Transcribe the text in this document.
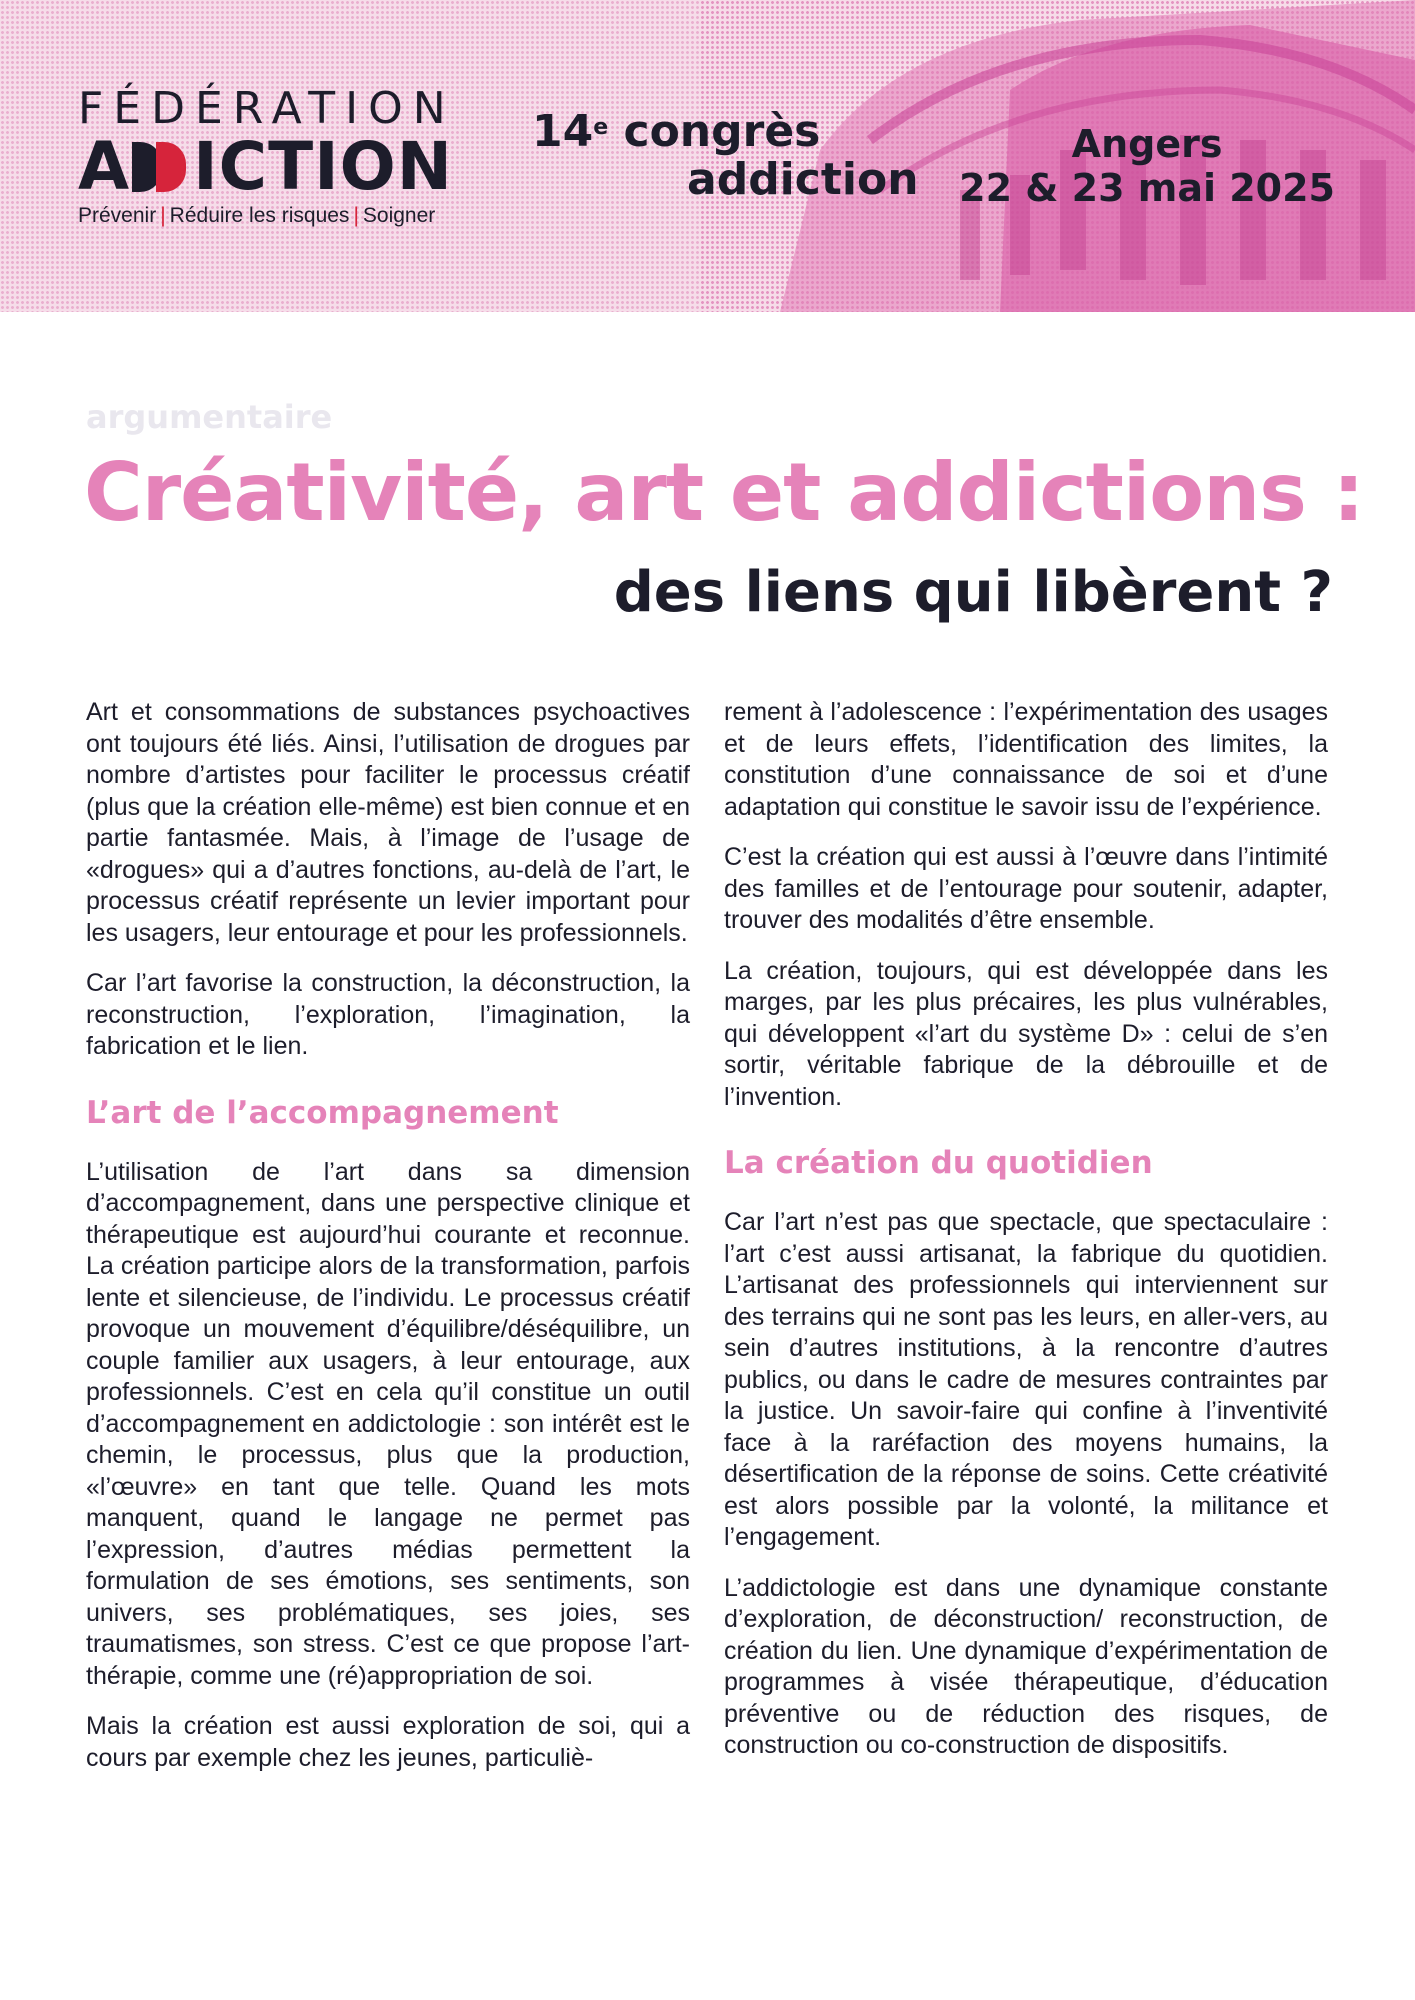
FÉDÉRATION
A ICTION
Prévenir | Réduire les risques | Soigner
14e congrès
addiction
Angers
22 & 23 mai 2025
argumentaire
Créativité, art et addictions :
des liens qui libèrent ?

Art et consommations de substances psychoactives ont toujours été liés. Ainsi, l’utilisation de drogues par nombre d’artistes pour faciliter le processus créatif (plus que la création elle-même) est bien connue et en partie fantasmée. Mais, à l’image de l’usage de «drogues» qui a d’autres fonctions, au-delà de l’art, le processus créatif représente un levier important pour les usagers, leur entourage et pour les professionnels.

Car l’art favorise la construction, la déconstruction, la reconstruction, l’exploration, l’imagination, la fabrication et le lien.

L’art de l’accompagnement

L’utilisation de l’art dans sa dimension d’accompagnement, dans une perspective clinique et thérapeutique est aujourd’hui courante et reconnue. La création participe alors de la transformation, parfois lente et silencieuse, de l’individu. Le processus créatif provoque un mouvement d’équilibre/déséquilibre, un couple familier aux usagers, à leur entourage, aux professionnels. C’est en cela qu’il constitue un outil d’accompagnement en addictologie : son intérêt est le chemin, le processus, plus que la production, «l’œuvre» en tant que telle. Quand les mots manquent, quand le langage ne permet pas l’expression, d’autres médias permettent la formulation de ses émotions, ses sentiments, son univers, ses problématiques, ses joies, ses traumatismes, son stress. C’est ce que propose l’art-thérapie, comme une (ré)appropriation de soi.

Mais la création est aussi exploration de soi, qui a cours par exemple chez les jeunes, particuliè-

rement à l’adolescence : l’expérimentation des usages et de leurs effets, l’identification des limites, la constitution d’une connaissance de soi et d’une adaptation qui constitue le savoir issu de l’expérience.

C’est la création qui est aussi à l’œuvre dans l’intimité des familles et de l’entourage pour soutenir, adapter, trouver des modalités d’être ensemble.

La création, toujours, qui est développée dans les marges, par les plus précaires, les plus vulnérables, qui développent «l’art du système D» : celui de s’en sortir, véritable fabrique de la débrouille et de l’invention.

La création du quotidien

Car l’art n’est pas que spectacle, que spectaculaire : l’art c’est aussi artisanat, la fabrique du quotidien. L’artisanat des professionnels qui interviennent sur des terrains qui ne sont pas les leurs, en aller-vers, au sein d’autres institutions, à la rencontre d’autres publics, ou dans le cadre de mesures contraintes par la justice. Un savoir-faire qui confine à l’inventivité face à la raréfaction des moyens humains, la désertification de la réponse de soins. Cette créativité est alors possible par la volonté, la militance et l’engagement.

L’addictologie est dans une dynamique constante d’exploration, de déconstruction/ reconstruction, de création du lien. Une dynamique d’expérimentation de programmes à visée thérapeutique, d’éducation préventive ou de réduction des risques, de construction ou co-construction de dispositifs.
